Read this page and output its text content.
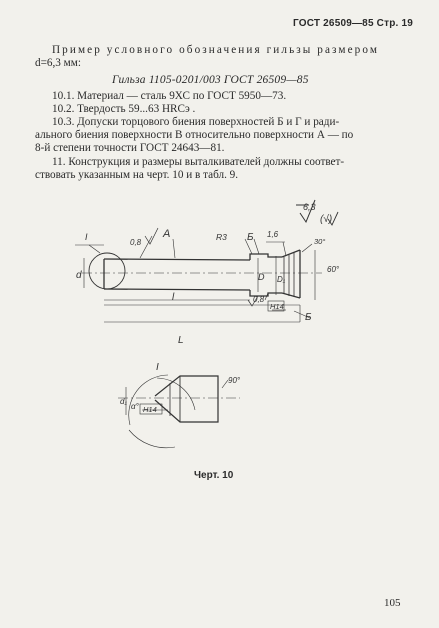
ГОСТ 26509—85 Стр. 19
Пример условного обозначения гильзы размером
d=6,3 мм:
Гильза 1105-0201/003 ГОСТ 26509—85
10.1. Материал — сталь 9ХС по ГОСТ 5950—73.
10.2. Твердость 59...63 HRCэ .
10.3. Допуски торцового биения поверхностей Б и Г и ради-
ального биения поверхности В относительно поверхности А — по
8-й степени точности ГОСТ 24643—81.
11. Конструкция и размеры выталкивателей должны соответ-
ствовать указанным на черт. 10 и в табл. 9.
I	A
Б
0,8
0,8
R3 Б 1,6
30°
d	D D₁
l
L
Н14
60°
6,3
(√)
I
α°
90°
d₁
Н14
Черт. 10
105
